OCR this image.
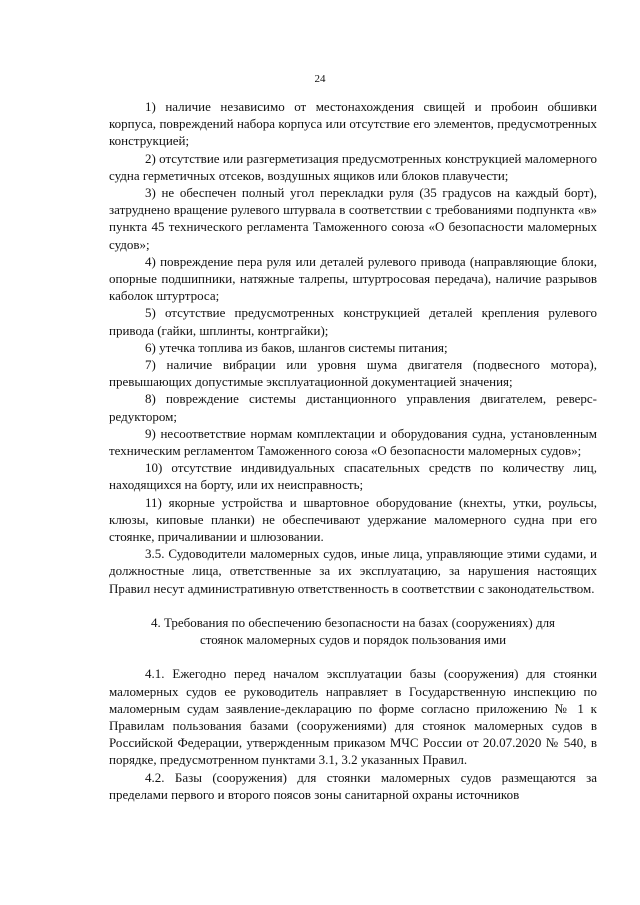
24

1) наличие независимо от местонахождения свищей и пробоин обшивки корпуса, повреждений набора корпуса или отсутствие его элементов, предусмотренных конструкцией;

2) отсутствие или разгерметизация предусмотренных конструкцией маломерного судна герметичных отсеков, воздушных ящиков или блоков плавучести;

3) не обеспечен полный угол перекладки руля (35 градусов на каждый борт), затруднено вращение рулевого штурвала в соответствии с требованиями подпункта «в» пункта 45 технического регламента Таможенного союза «О безопасности маломерных судов»;

4) повреждение пера руля или деталей рулевого привода (направляющие блоки, опорные подшипники, натяжные талрепы, штуртросовая передача), наличие разрывов каболок штуртроса;

5) отсутствие предусмотренных конструкцией деталей крепления рулевого привода (гайки, шплинты, контргайки);

6) утечка топлива из баков, шлангов системы питания;

7) наличие вибрации или уровня шума двигателя (подвесного мотора), превышающих допустимые эксплуатационной документацией значения;

8) повреждение системы дистанционного управления двигателем, реверс-редуктором;

9) несоответствие нормам комплектации и оборудования судна, установленным техническим регламентом Таможенного союза «О безопасности маломерных судов»;

10) отсутствие индивидуальных спасательных средств по количеству лиц, находящихся на борту, или их неисправность;

11) якорные устройства и швартовное оборудование (кнехты, утки, роульсы, клюзы, киповые планки) не обеспечивают удержание маломерного судна при его стоянке, причаливании и шлюзовании.

3.5. Судоводители маломерных судов, иные лица, управляющие этими судами, и должностные лица, ответственные за их эксплуатацию, за нарушения настоящих Правил несут административную ответственность в соответствии с законодательством.

4. Требования по обеспечению безопасности на базах (сооружениях) для

стоянок маломерных судов и порядок пользования ими

4.1. Ежегодно перед началом эксплуатации базы (сооружения) для стоянки маломерных судов ее руководитель направляет в Государственную инспекцию по маломерным судам заявление-декларацию по форме согласно приложению № 1 к Правилам пользования базами (сооружениями) для стоянок маломерных судов в Российской Федерации, утвержденным приказом МЧС России от 20.07.2020 № 540, в порядке, предусмотренном пунктами 3.1, 3.2 указанных Правил.

4.2. Базы (сооружения) для стоянки маломерных судов размещаются за пределами первого и второго поясов зоны санитарной охраны источников
